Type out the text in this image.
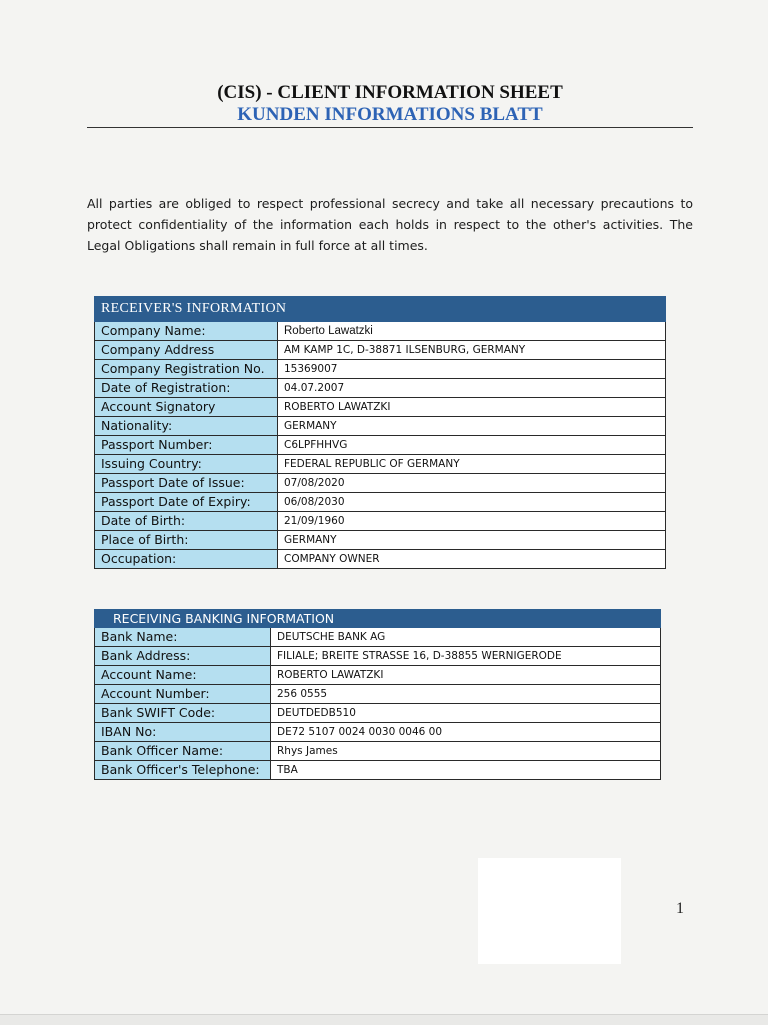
(CIS) - CLIENT INFORMATION SHEET
KUNDEN INFORMATIONS BLATT

All parties are obliged to respect professional secrecy and take all necessary precautions to protect confidentiality of the information each holds in respect to the other's activities. The Legal Obligations shall remain in full force at all times.

RECEIVER'S INFORMATION	
Company Name:	Roberto Lawatzki
Company Address	AM KAMP 1C, D-38871 ILSENBURG, GERMANY
Company Registration No.	15369007
Date of Registration:	04.07.2007
Account Signatory	ROBERTO LAWATZKI
Nationality:	GERMANY
Passport Number:	C6LPFHHVG
Issuing Country:	FEDERAL REPUBLIC OF GERMANY
Passport Date of Issue:	07/08/2020
Passport Date of Expiry:	06/08/2030
Date of Birth:	21/09/1960
Place of Birth:	GERMANY
Occupation:	COMPANY OWNER
RECEIVING BANKING INFORMATION	
Bank Name:	DEUTSCHE BANK AG
Bank Address:	FILIALE; BREITE STRASSE 16, D-38855 WERNIGERODE
Account Name:	ROBERTO LAWATZKI
Account Number:	256 0555
Bank SWIFT Code:	DEUTDEDB510
IBAN No:	DE72 5107 0024 0030 0046 00
Bank Officer Name:	Rhys James
Bank Officer's Telephone:	TBA
1
